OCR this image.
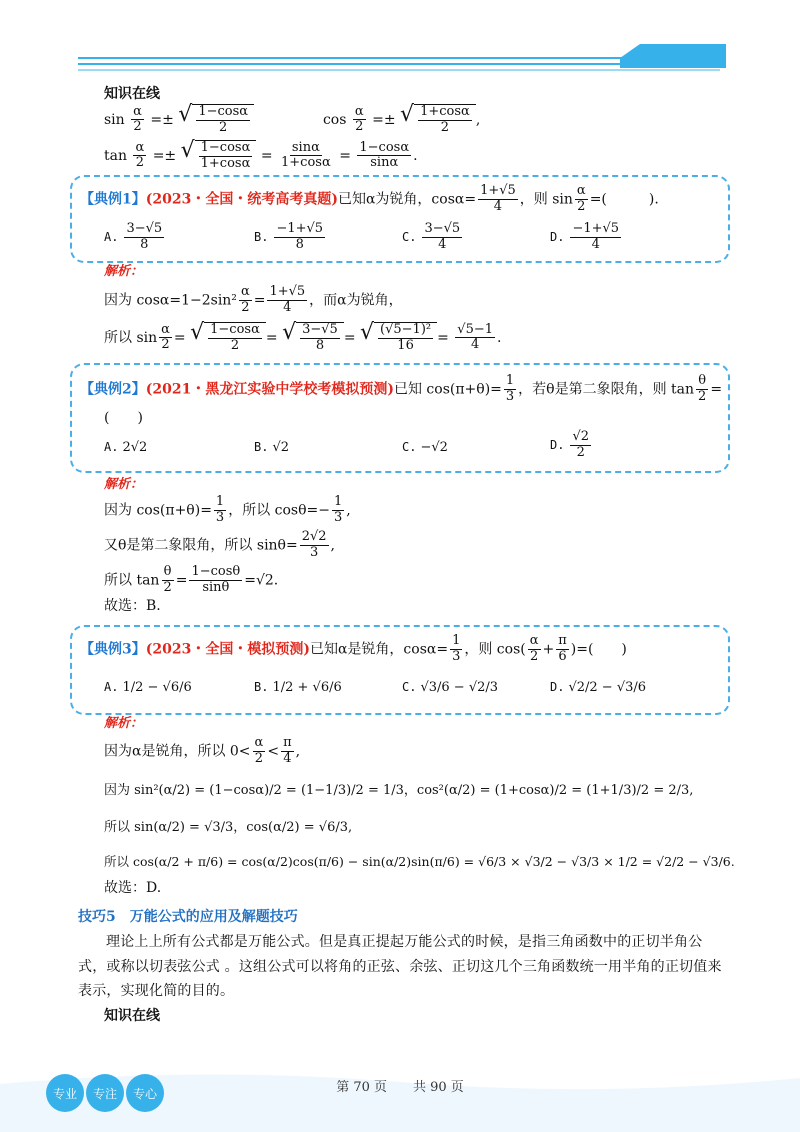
知识在线
$\sin \frac{\alpha}{2}$ =± √ $\frac{1-\cos\alpha}{2}$	$\cos \frac{\alpha}{2}$ =± √ $\frac{1+\cos\alpha}{2}$ ,
$\tan \frac{\alpha}{2}$ =± √ $\frac{1-\cos\alpha}{1+\cos\alpha} = \frac{\sin\alpha}{1+\cos\alpha} = \frac{1-\cos\alpha}{\sin\alpha}$ .
【典例1】(2023・全国・统考高考真题)已知α为锐角，$\cos\alpha= \frac{1+√5}{4}$ ，则 $\sin \frac{\alpha}{2}$ =(　　　).
A. $\frac{3-√5}{8}$	B. $\frac{-1+√5}{8}$	C. $\frac{3-√5}{4}$	D. $\frac{-1+√5}{4}$
解析：
因为 $\cos\alpha=1-2\sin^2 \frac{\alpha}{2} = \frac{1+√5}{4}$ ，而α为锐角，
所以 $\sin \frac{\alpha}{2}$ = √ $\frac{1-\cos\alpha}{2}$ = √ $\frac{3-√5}{8}$ = √ $\frac{\text{(√5−1)²}}{16} = \frac{√5-1}{4}$ .
【典例2】(2021・黑龙江实验中学校考模拟预测)已知 $\cos(\pi+\theta)= \frac{1}{3}$ ，若θ是第二象限角，则 $\tan \frac{\theta}{2}$ =
(　　)
A. 2√2	B. √2	C. −√2	D. $\frac{√2}{2}$
解析：
因为 $\cos(\pi+\theta)= \frac{1}{3}$ ，所以 $\cos\theta=- \frac{1}{3}$ ,
又θ是第二象限角，所以 $\sin\theta= \frac{2√2}{3}$ ,
所以 $\tan \frac{\theta}{2} = \frac{1-\cos\theta}{\sin\theta} =√2$.
故选：B.
【典例3】(2023・全国・模拟预测)已知α是锐角，$\cos\alpha= \frac{1}{3}$ ，则 $\cos( \frac{\alpha}{2} + \frac{\pi}{6}$ )=(　　)
A. 1/2 − √6/6	B. 1/2 + √6/6	C. √3/6 − √2/3	D. √2/2 − √3/6
解析：
因为α是锐角，所以 $0< \frac{\alpha}{2} < \frac{\pi}{4}$ ,
因为 sin²(α/2) = (1−cosα)/2 = (1−1/3)/2 = 1/3，cos²(α/2) = (1+cosα)/2 = (1+1/3)/2 = 2/3,
所以 sin(α/2) = √3/3，cos(α/2) = √6/3,
所以 cos(α/2 + π/6) = cos(α/2)cos(π/6) − sin(α/2)sin(π/6) = √6/3 × √3/2 − √3/3 × 1/2 = √2/2 − √3/6.
故选：D.
技巧5　万能公式的应用及解题技巧
理论上上所有公式都是万能公式。但是真正提起万能公式的时候，是指三角函数中的正切半角公式，或称以切表弦公式 。这组公式可以将角的正弦、余弦、正切这几个三角函数统一用半角的正切值来表示，实现化简的目的。
知识在线
专业	专注	专心	第 70 页　　共 90 页
